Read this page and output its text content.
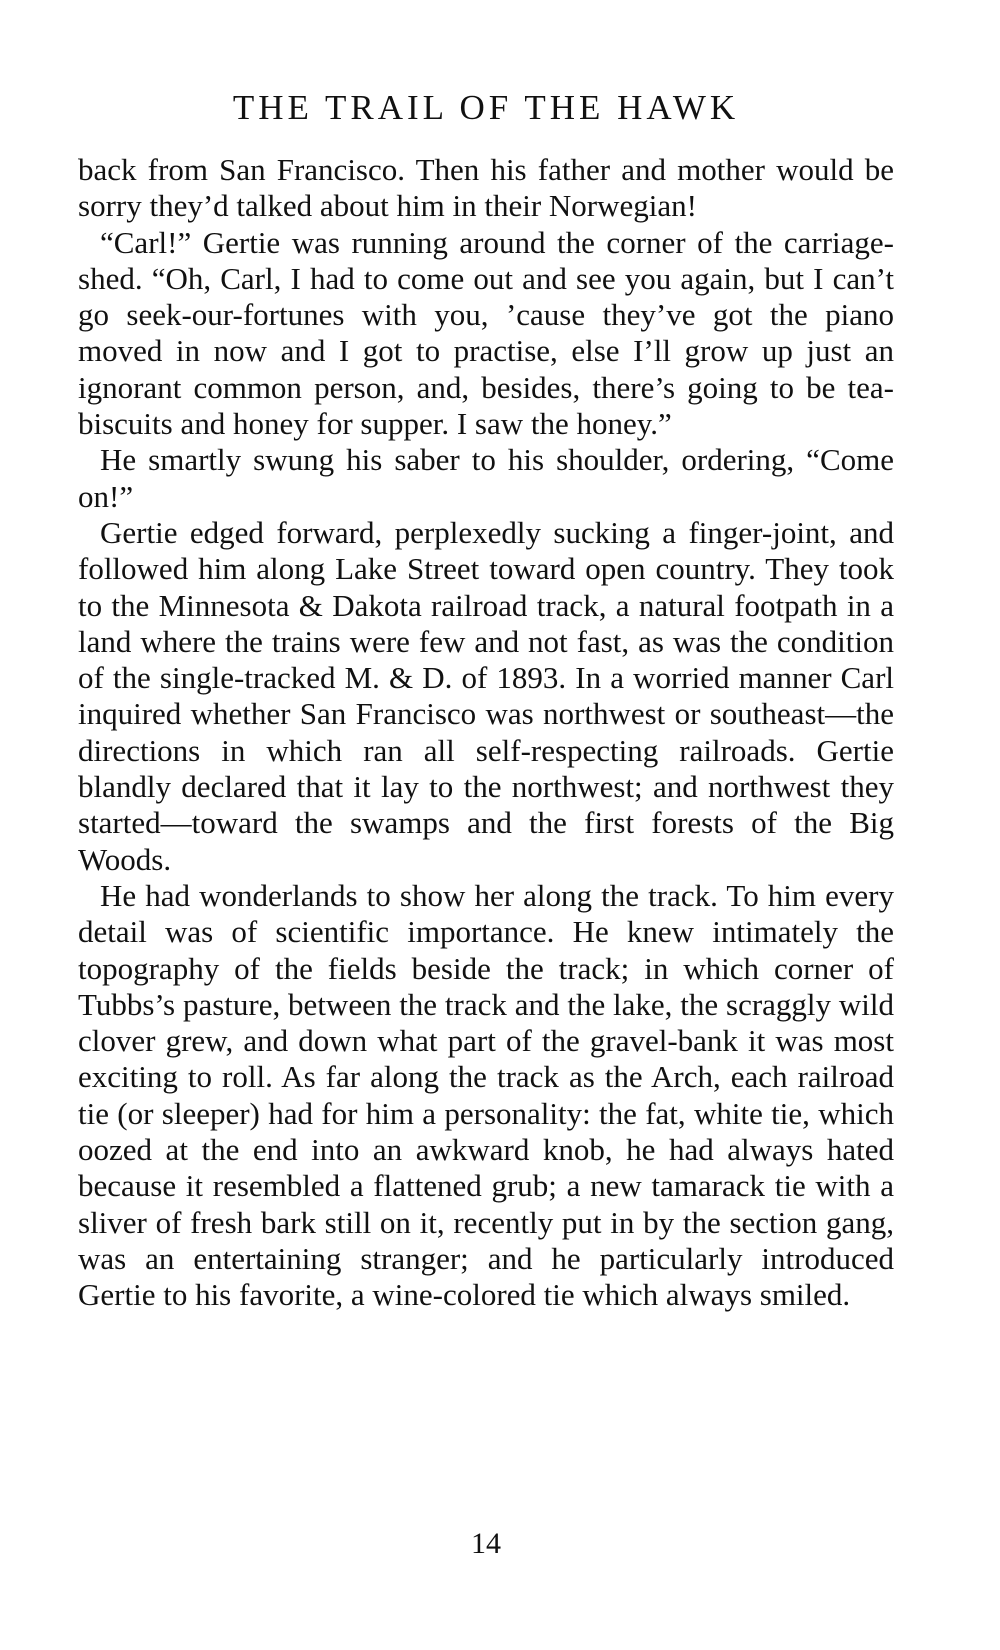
THE TRAIL OF THE HAWK

back from San Francisco. Then his father and mother would be sorry they’d talked about him in their Norwegian!

“Carl!” Gertie was running around the corner of the carriage-shed. “Oh, Carl, I had to come out and see you again, but I can’t go seek-our-fortunes with you, ’cause they’ve got the piano moved in now and I got to practise, else I’ll grow up just an ignorant common person, and, besides, there’s going to be tea-biscuits and honey for supper. I saw the honey.”

He smartly swung his saber to his shoulder, ordering, “Come on!”

Gertie edged forward, perplexedly sucking a finger-joint, and followed him along Lake Street toward open country. They took to the Minnesota & Dakota railroad track, a natural footpath in a land where the trains were few and not fast, as was the condition of the single-tracked M. & D. of 1893. In a worried manner Carl inquired whether San Francisco was northwest or southeast—the directions in which ran all self-respecting railroads. Gertie blandly declared that it lay to the northwest; and northwest they started—toward the swamps and the first forests of the Big Woods.

He had wonderlands to show her along the track. To him every detail was of scientific importance. He knew intimately the topography of the fields beside the track; in which corner of Tubbs’s pasture, between the track and the lake, the scraggly wild clover grew, and down what part of the gravel-bank it was most exciting to roll. As far along the track as the Arch, each railroad tie (or sleeper) had for him a personality: the fat, white tie, which oozed at the end into an awkward knob, he had always hated because it resembled a flattened grub; a new tamarack tie with a sliver of fresh bark still on it, recently put in by the section gang, was an entertaining stranger; and he particularly introduced Gertie to his favorite, a wine-colored tie which always smiled.

14
